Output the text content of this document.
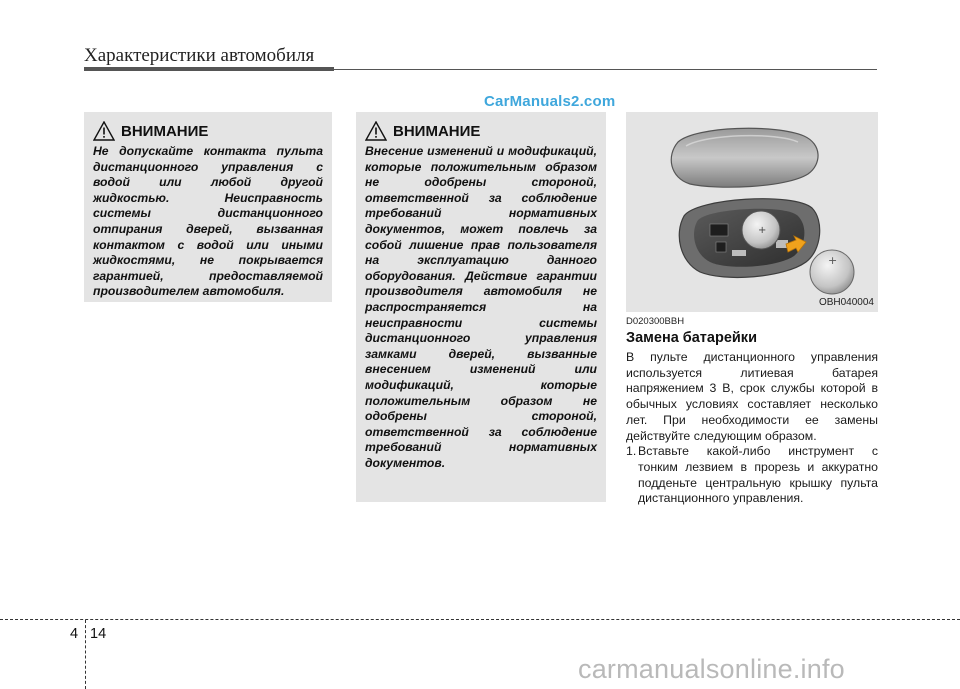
Характеристики автомобиля
CarManuals2.com
ВНИМАНИЕ
Не допускайте контакта пульта дистанционного управления с водой или любой другой жидкостью. Неисправность системы дистанционного отпирания дверей, вызванная контактом с водой или иными жидкостями, не покрывается гарантией, предоставляемой производителем автомобиля.
ВНИМАНИЕ
Внесение изменений и модификаций, которые положительным образом не одобрены стороной, ответственной за соблюдение требований нормативных документов, может повлечь за собой лишение прав пользователя на эксплуатацию данного оборудования. Действие гарантии производителя автомобиля не распространяется на неисправности системы дистанционного управления замками дверей, вызванные внесением изменений или модификаций, которые положительным образом не одобрены стороной, ответственной за соблюдение требований нормативных документов.
+
+
OBH040004
D020300BBH
Замена батарейки

В пульте дистанционного управления используется литиевая батарея напряжением 3 В, срок службы которой в обычных условиях составляет несколько лет. При необходимости ее замены действуйте следующим образом.

1. Вставьте какой-либо инструмент с тонким лезвием в прорезь и аккуратно подденьте центральную крышку пульта дистанционного управления.
4 14
carmanualsonline.info
